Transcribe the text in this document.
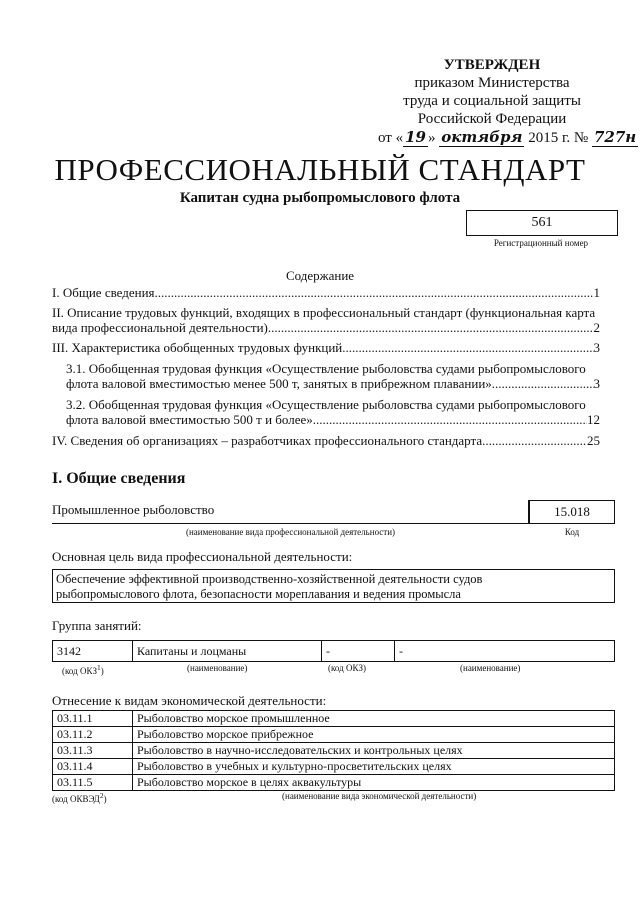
УТВЕРЖДЕН
приказом Министерства
труда и социальной защиты
Российской Федерации
от « 19 » октября 2015 г. № 727н
ПРОФЕССИОНАЛЬНЫЙ СТАНДАРТ
Капитан судна рыбопромыслового флота
561
Регистрационный номер
Содержание
I. Общие сведения .....	1
II. Описание трудовых функций, входящих в профессиональный стандарт (функциональная карта
вида профессиональной деятельности) .....	2
III. Характеристика обобщенных трудовых функций .....	3
3.1. Обобщенная трудовая функция «Осуществление рыболовства судами рыбопромыслового
флота валовой вместимостью менее 500 т, занятых в прибрежном плавании» .....	3
3.2. Обобщенная трудовая функция «Осуществление рыболовства судами рыбопромыслового
флота валовой вместимостью 500 т и более» .....	12
IV. Сведения об организациях – разработчиках профессионального стандарта .....	25
I. Общие сведения
Промышленное рыболовство	15.018
(наименование вида профессиональной деятельности)	Код
Основная цель вида профессиональной деятельности:
Обеспечение эффективной производственно-хозяйственной деятельности судов
рыбопромыслового флота, безопасности мореплавания и ведения промысла
Группа занятий:
3142	Капитаны и лоцманы	-	-
(код ОКЗ$^1$)	(наименование)	(код ОКЗ)	(наименование)
Отнесение к видам экономической деятельности:
03.11.1	Рыболовство морское промышленное
03.11.2	Рыболовство морское прибрежное
03.11.3	Рыболовство в научно-исследовательских и контрольных целях
03.11.4	Рыболовство в учебных и культурно-просветительских целях
03.11.5	Рыболовство морское в целях аквакультуры
(код ОКВЭД$^2$)	(наименование вида экономической деятельности)
